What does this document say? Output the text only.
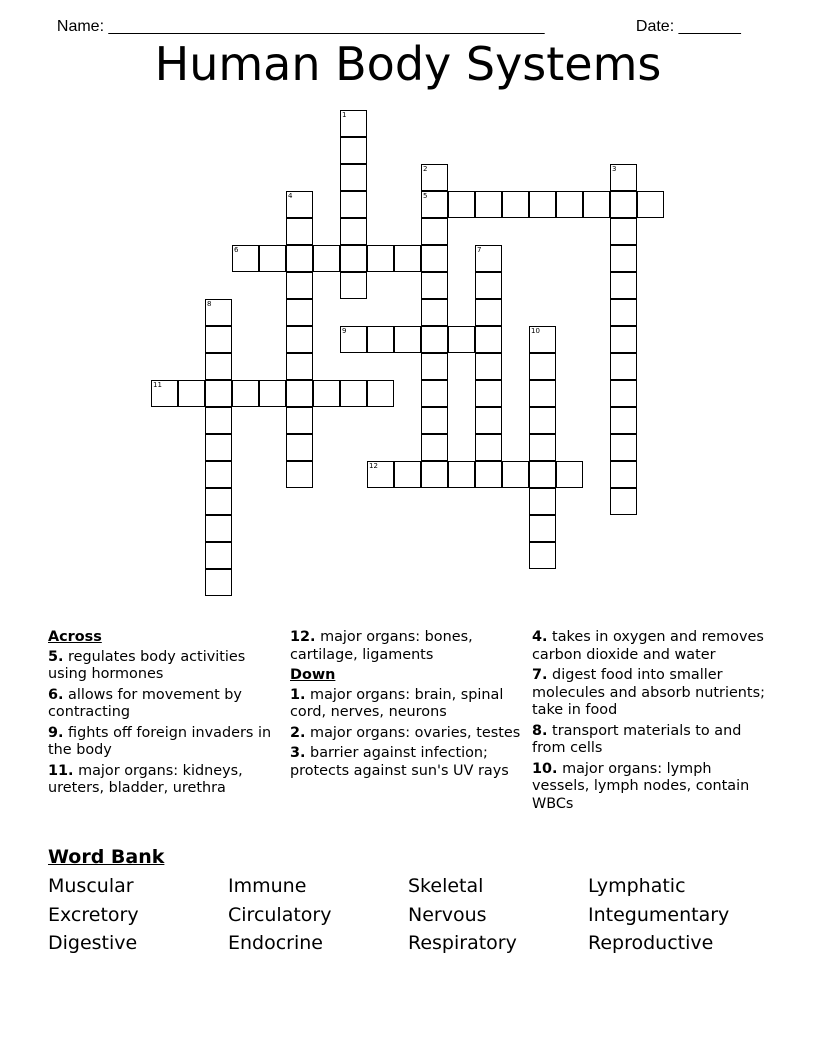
Name: _________________________________________________	Date: _______

Human Body Systems
1
2
5
3
4
6	7
8
9	10
11
12
Across
5. regulates body activities using hormones
6. allows for movement by contracting
9. fights off foreign invaders in the body
11. major organs: kidneys, ureters, bladder, urethra
12. major organs: bones, cartilage, ligaments
Down
1. major organs: brain, spinal cord, nerves, neurons
2. major organs: ovaries, testes
3. barrier against infection; protects against sun's UV rays
4. takes in oxygen and removes carbon dioxide and water
7. digest food into smaller molecules and absorb nutrients; take in food
8. transport materials to and from cells
10. major organs: lymph vessels, lymph nodes, contain WBCs
Word Bank
Muscular	Immune	Skeletal	Lymphatic
Excretory	Circulatory	Nervous	Integumentary
Digestive	Endocrine	Respiratory	Reproductive
